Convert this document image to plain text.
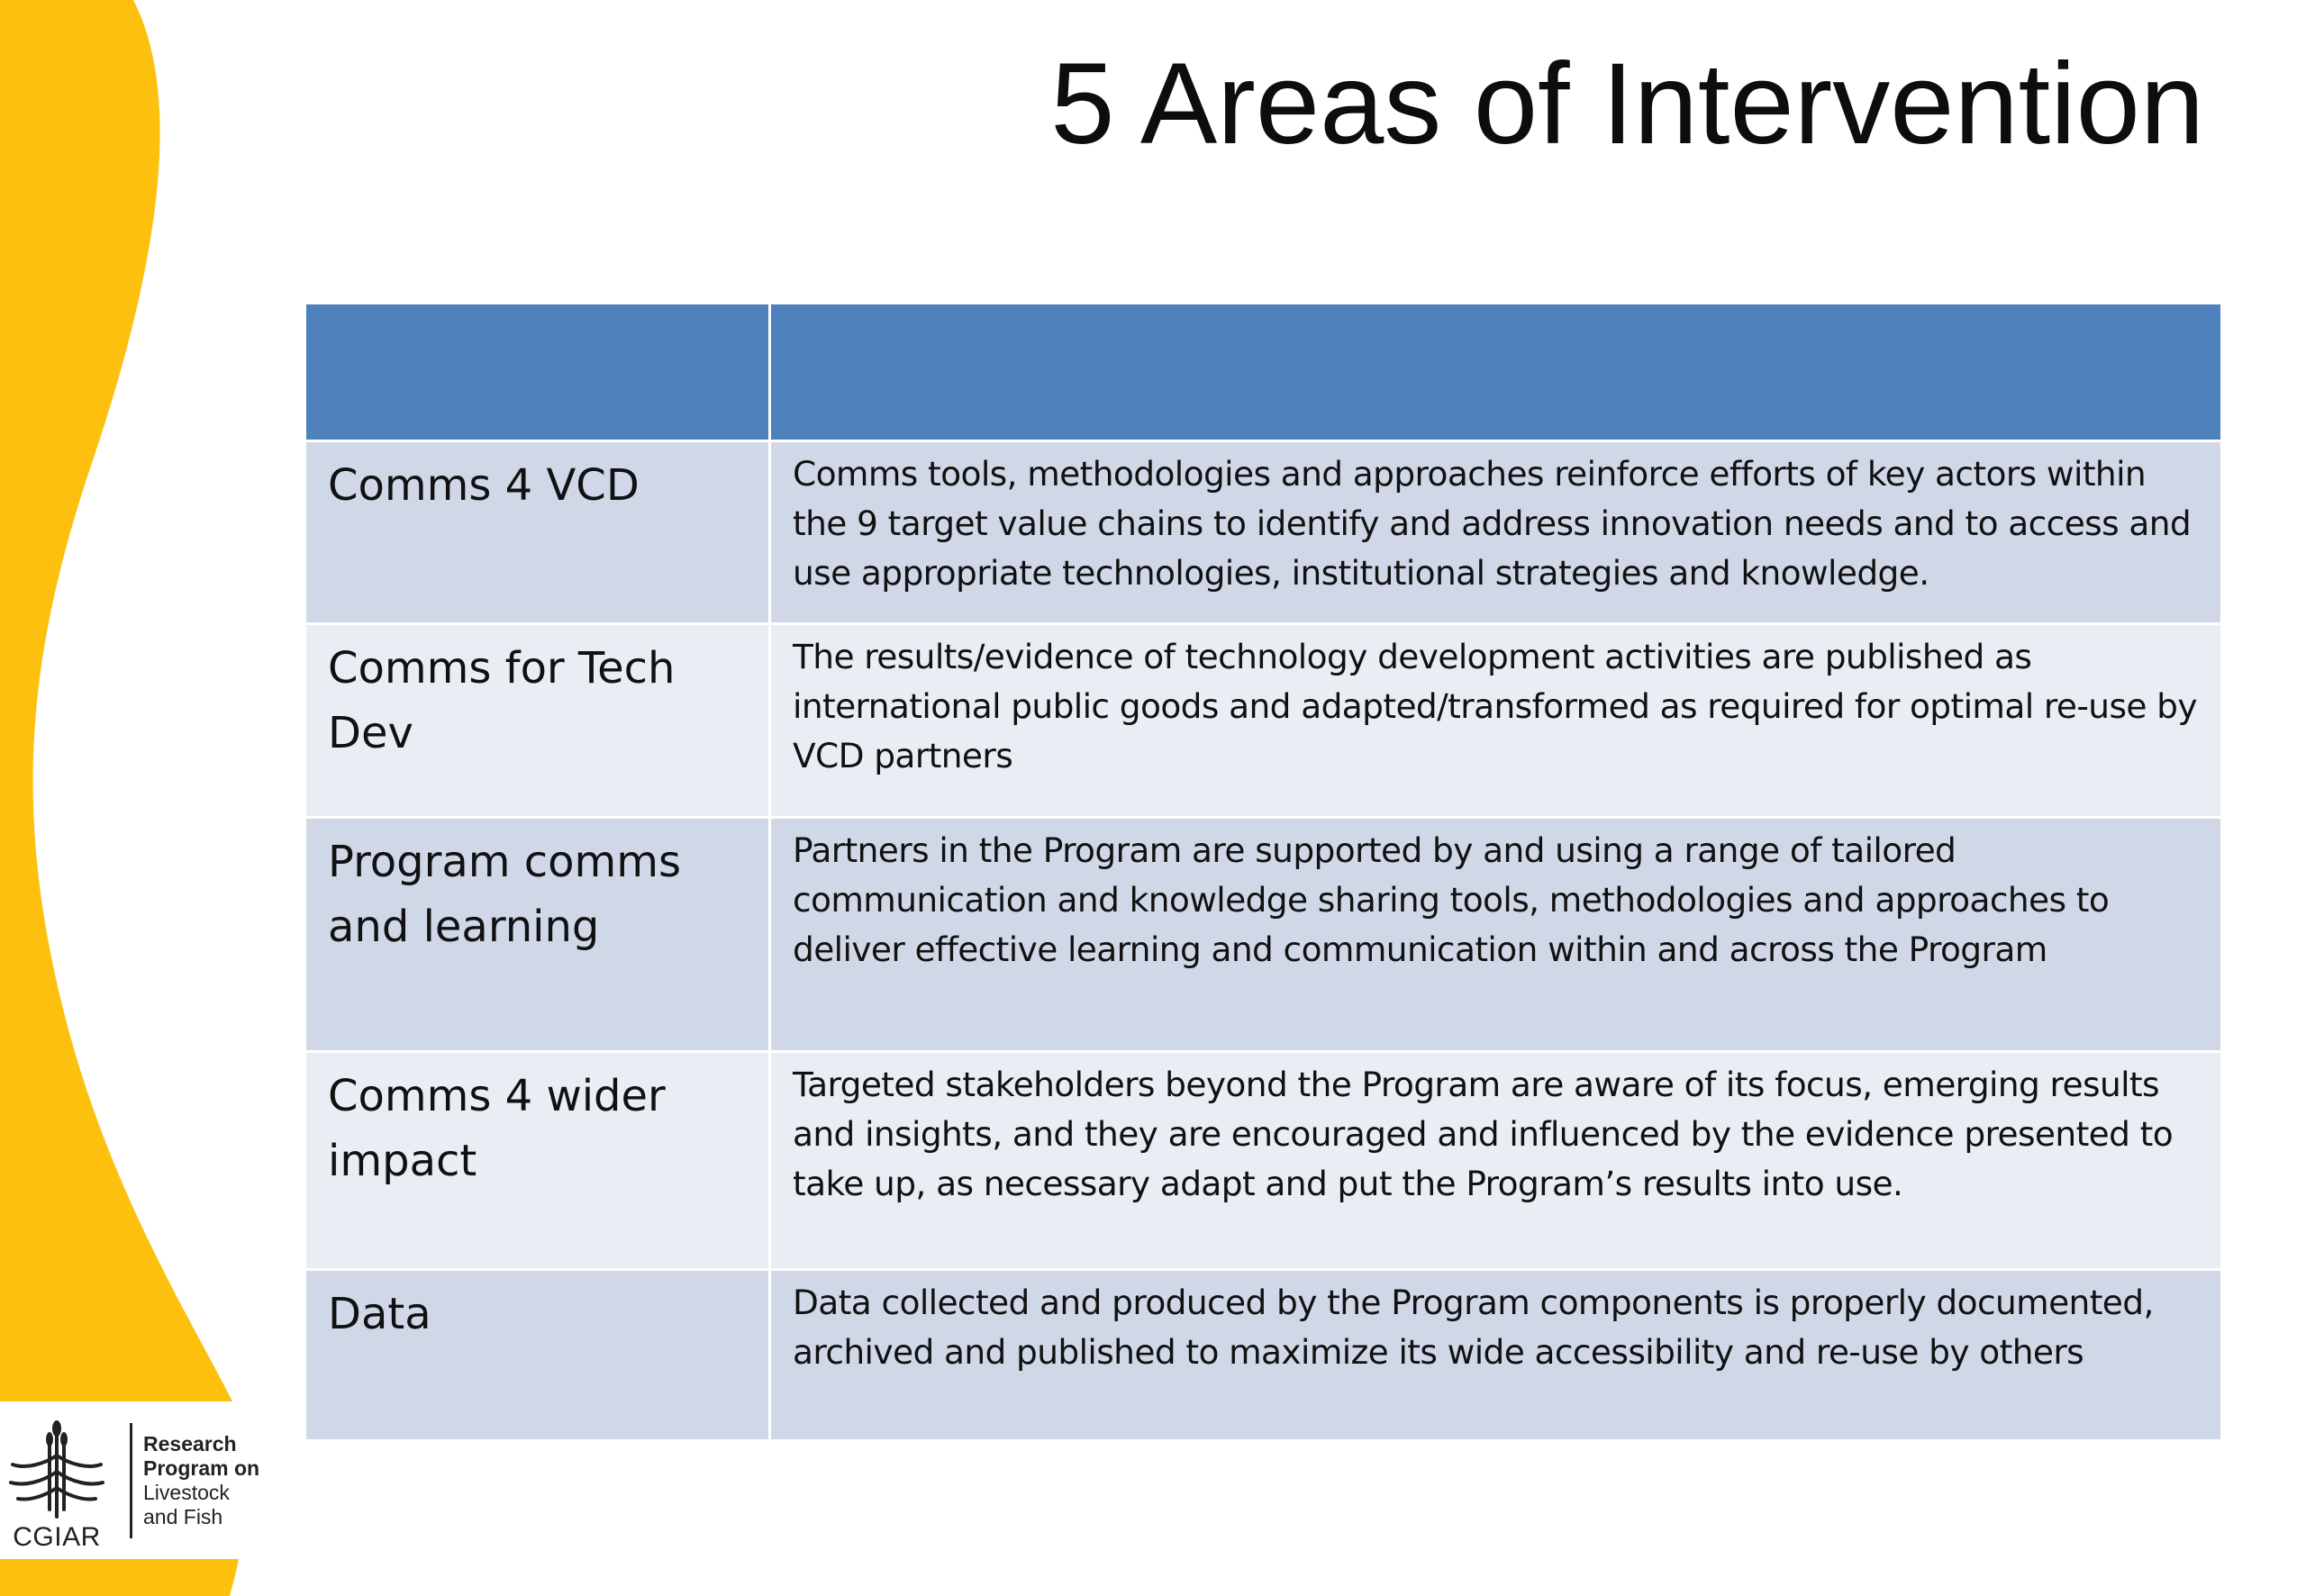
5 Areas of Intervention

Comms 4 VCD	Comms tools, methodologies and approaches reinforce efforts of key actors within the 9 target value chains to identify and address innovation needs and to access and use appropriate technologies, institutional strategies and knowledge.
Comms for Tech Dev	The results/evidence of technology development activities are published as international public goods and adapted/transformed as required for optimal re-use by VCD partners
Program comms and learning	Partners in the Program are supported by and using a range of tailored communication and knowledge sharing tools, methodologies and approaches to deliver effective learning and communication within and across the Program
Comms 4 wider impact	Targeted stakeholders beyond the Program are aware of its focus, emerging results and insights, and they are encouraged and influenced by the evidence presented to take up, as necessary adapt and put the Program’s results into use.
Data	Data collected and produced by the Program components is properly documented, archived and published to maximize its wide accessibility and re-use by others
CGIAR
Research
Program on
Livestock
and Fish
